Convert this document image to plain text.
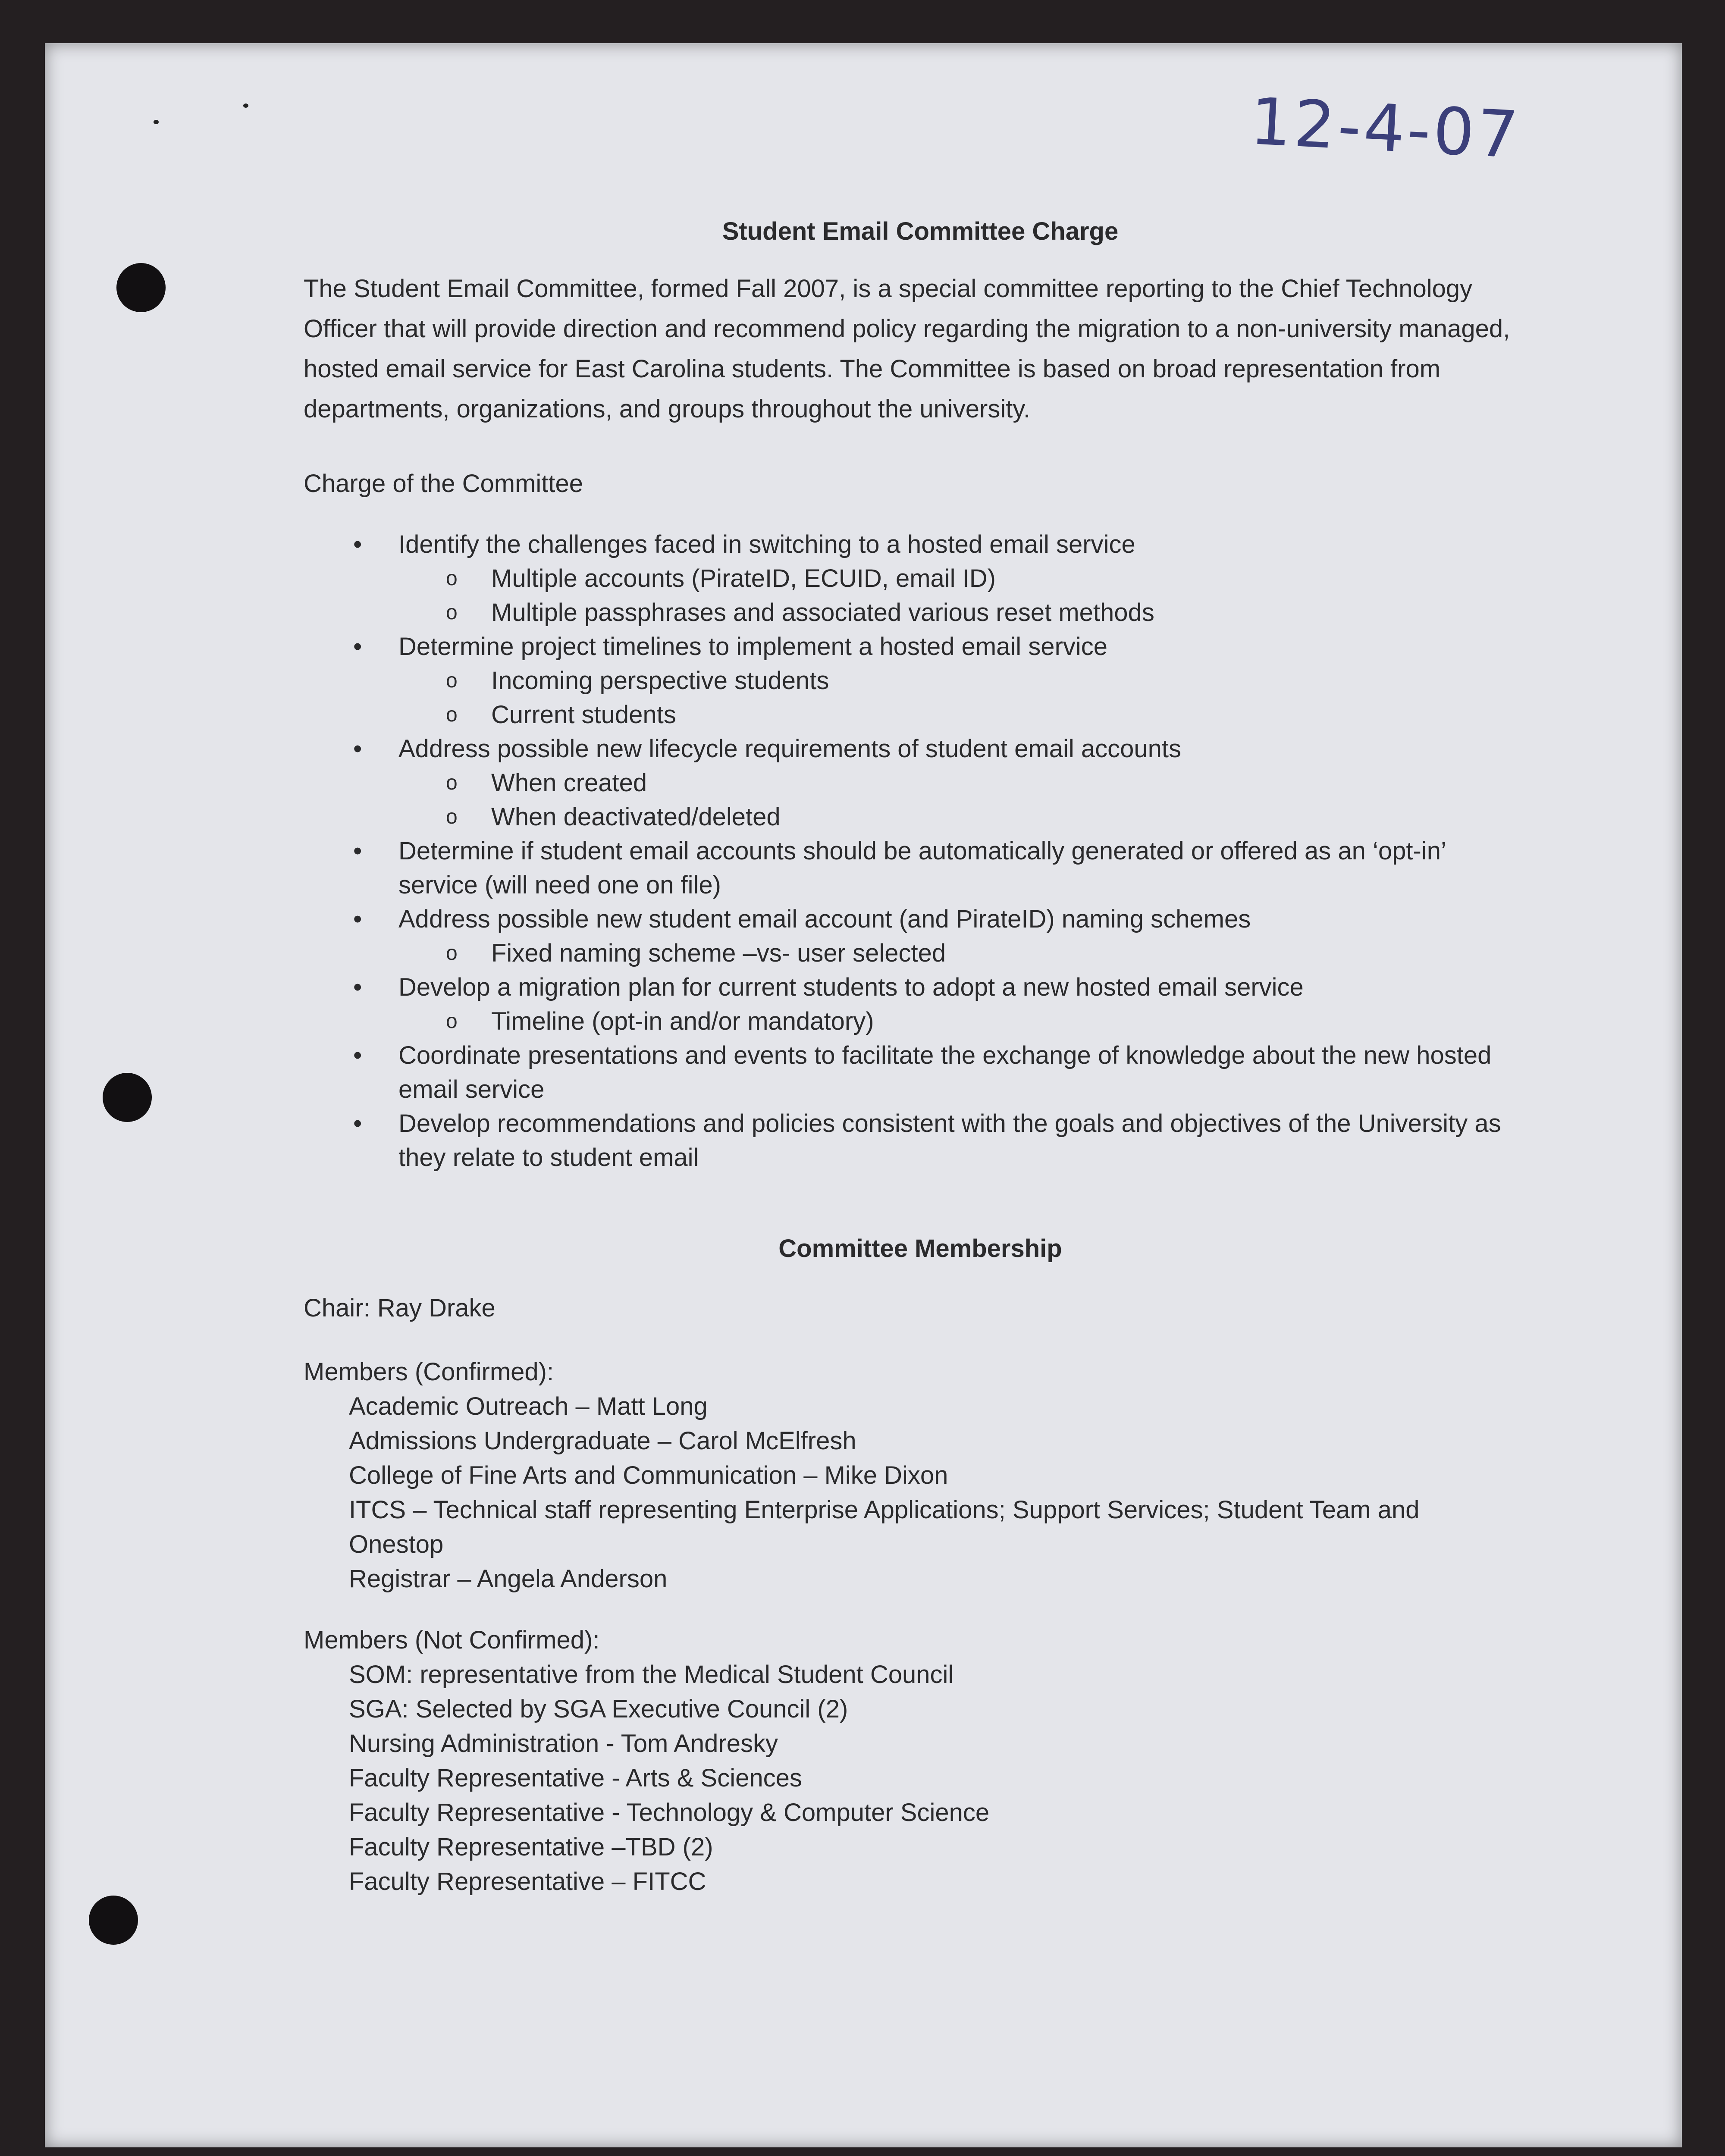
12-4-07
Student Email Committee Charge

The Student Email Committee, formed Fall 2007, is a special committee reporting to the Chief Technology Officer that will provide direction and recommend policy regarding the migration to a non-university managed, hosted email service for East Carolina students. The Committee is based on broad representation from departments, organizations, and groups throughout the university.

Charge of the Committee
• Identify the challenges faced in switching to a hosted email service
o Multiple accounts (PirateID, ECUID, email ID)
o Multiple passphrases and associated various reset methods
• Determine project timelines to implement a hosted email service
o Incoming perspective students
o Current students
• Address possible new lifecycle requirements of student email accounts
o When created
o When deactivated/deleted
• Determine if student email accounts should be automatically generated or offered as an ‘opt-in’ service (will need one on file)
• Address possible new student email account (and PirateID) naming schemes
o Fixed naming scheme –vs- user selected
• Develop a migration plan for current students to adopt a new hosted email service
o Timeline (opt-in and/or mandatory)
• Coordinate presentations and events to facilitate the exchange of knowledge about the new hosted email service
• Develop recommendations and policies consistent with the goals and objectives of the University as they relate to student email
Committee Membership
Chair: Ray Drake
Members (Confirmed):
Academic Outreach – Matt Long
Admissions Undergraduate – Carol McElfresh
College of Fine Arts and Communication – Mike Dixon
ITCS – Technical staff representing Enterprise Applications; Support Services; Student Team and Onestop
Registrar – Angela Anderson
Members (Not Confirmed):
SOM: representative from the Medical Student Council
SGA: Selected by SGA Executive Council (2)
Nursing Administration - Tom Andresky
Faculty Representative - Arts & Sciences
Faculty Representative - Technology & Computer Science
Faculty Representative –TBD (2)
Faculty Representative – FITCC
